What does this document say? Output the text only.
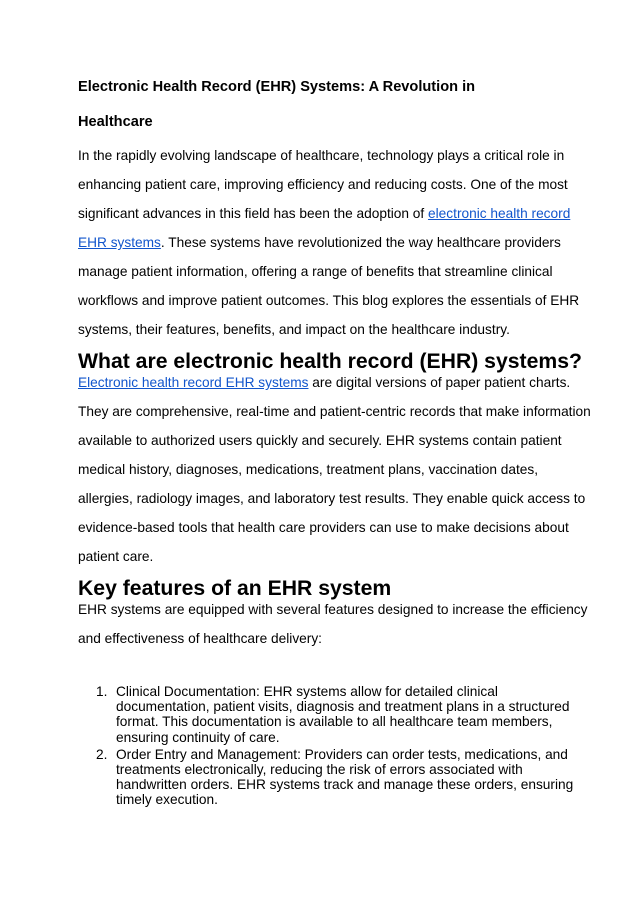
Electronic Health Record (EHR) Systems: A Revolution in
Healthcare
In the rapidly evolving landscape of healthcare, technology plays a critical role in
enhancing patient care, improving efficiency and reducing costs. One of the most
significant advances in this field has been the adoption of electronic health record
EHR systems. These systems have revolutionized the way healthcare providers
manage patient information, offering a range of benefits that streamline clinical
workflows and improve patient outcomes. This blog explores the essentials of EHR
systems, their features, benefits, and impact on the healthcare industry.
What are electronic health record (EHR) systems?
Electronic health record EHR systems are digital versions of paper patient charts.
They are comprehensive, real-time and patient-centric records that make information
available to authorized users quickly and securely. EHR systems contain patient
medical history, diagnoses, medications, treatment plans, vaccination dates,
allergies, radiology images, and laboratory test results. They enable quick access to
evidence-based tools that health care providers can use to make decisions about
patient care.
Key features of an EHR system
EHR systems are equipped with several features designed to increase the efficiency
and effectiveness of healthcare delivery:
1. Clinical Documentation: EHR systems allow for detailed clinical documentation, patient visits, diagnosis and treatment plans in a structured format. This documentation is available to all healthcare team members, ensuring continuity of care.
2. Order Entry and Management: Providers can order tests, medications, and treatments electronically, reducing the risk of errors associated with handwritten orders. EHR systems track and manage these orders, ensuring timely execution.
